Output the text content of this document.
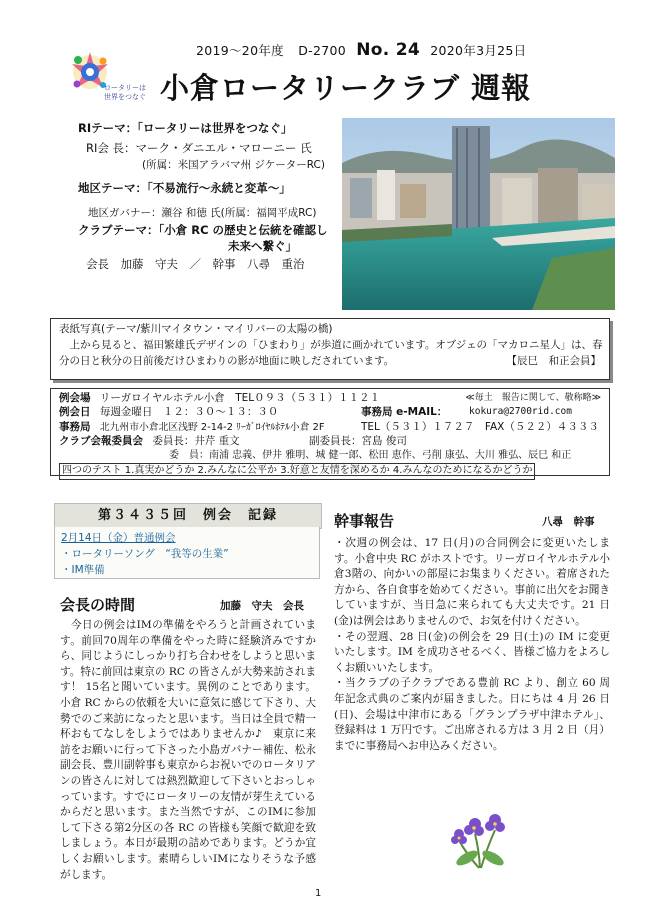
ロータリーは
世界をつなぐ
2019～20年度 D-2700 No. 24 2020年3月25日
小倉ロータリークラブ 週報
RIテーマ：「ロータリーは世界をつなぐ」
RI会 長：マーク・ダニエル・マローニー 氏
(所属：米国アラバマ州 ジケーターRC)
地区テーマ：「不易流行～永続と変革～」
地区ガバナー：瀬谷 和徳 氏(所属：福岡平成RC)
クラブテーマ：「小倉 RC の歴史と伝統を確認し
未来へ繋ぐ」
会長　加藤　守夫　／　幹事　八尋　重治
表紙写真(テーマ/紫川マイタウン・マイリバーの太陽の橋)
　上から見ると、福田繁雄氏デザインの「ひまわり」が歩道に画かれています。オブジェの「マカロニ星人」は、春
分の日と秋分の日前後だけひまわりの影が地面に映しだされています。	【辰巳　和正会員】
例会場 リーガロイヤルホテル小倉　TEL０９３（５３１）１１２１	≪毎土　報告に関して、敬称略≫
例会日 毎週金曜日　１２：３０～１３：３０	事務局 e-MAIL： kokura@2700rid.com
事務局 北九州市小倉北区浅野 2-14-2 ﾘｰｶﾞﾛｲﾔﾙﾎﾃﾙ小倉 2F	TEL（５３１）１７２７　FAX（５２２）４３３３
クラブ会報委員会 委員長：井芹 重文	副委員長：宮島 俊司
委　員：南浦 忠義、伊井 雅明、城 健一郎、松田 恵作、弓削 康弘、大川 雅弘、辰巳 和正
四つのテスト 1.真実かどうか 2.みんなに公平か 3.好意と友情を深めるか 4.みんなのためになるかどうか
第３４３５回　例会　記録
2月14日（金）普通例会
・ロータリーソング　“我等の生業”
・IM準備
会長の時間	加藤　守夫　会長
　今日の例会はIMの準備をやろうと計画されています。前回70周年の準備をやった時に経験済みですから、同じようにしっかり打ち合わせをしようと思います。特に前回は東京の RC の皆さんが大勢来訪されます！ 15名と聞いています。異例のことであります。小倉 RC からの依頼を大いに意気に感じて下さり、大勢でのご来訪になったと思います。当日は全員で精一杯おもてなしをしようではありませんか♪　東京に来訪をお願いに行って下さった小島ガバナー補佐、松永副会長、豊川副幹事も東京からお祝いでのロータリアンの皆さんに対しては熱烈歓迎して下さいとおっしゃっています。すでにロータリーの友情が芽生えているからだと思います。また当然ですが、このIMに参加して下さる第2分区の各 RC の皆様も笑顔で歓迎を致しましょう。本日が最期の詰めであります。どうか宜しくお願いします。素晴らしいIMになりそうな予感がします。
幹事報告	八尋　幹事
・次週の例会は、17 日(月)の合同例会に変更いたします。小倉中央 RC がホストです。リーガロイヤルホテル小倉3階の、向かいの部屋にお集まりください。着席された方から、各自食事を始めてください。事前に出欠をお聞きしていますが、当日急に来られても大丈夫です。21 日(金)は例会はありませんので、お気を付けください。
・その翌週、28 日(金)の例会を 29 日(土)の IM に変更いたします。IM を成功させるべく、皆様ご協力をよろしくお願いいたします。
・当クラブの子クラブである豊前 RC より、創立 60 周年記念式典のご案内が届きました。日にちは 4 月 26 日(日)、会場は中津市にある「グランプラザ中津ホテル」、登録料は 1 万円です。ご出席される方は 3 月 2 日（月）までに事務局へお申込みください。
1
